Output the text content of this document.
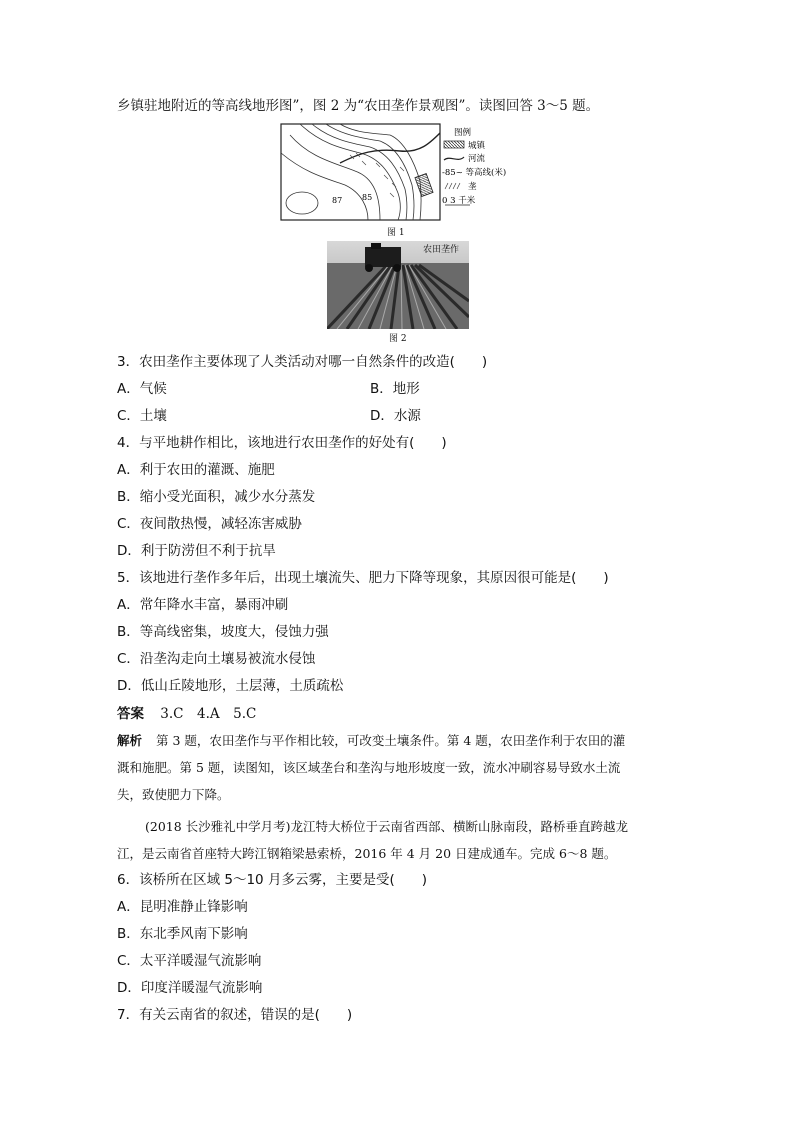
乡镇驻地附近的等高线地形图”，图 2 为“农田垄作景观图”。读图回答 3～5 题。
87 85
图例
城镇
河流
-85~ 等高线(米)
垄
0 3 千米
图 1
农田垄作
图 2
3．农田垄作主要体现了人类活动对哪一自然条件的改造(　　)
A．气候	B．地形
C．土壤	D．水源
4．与平地耕作相比，该地进行农田垄作的好处有(　　)
A．利于农田的灌溉、施肥
B．缩小受光面积，减少水分蒸发
C．夜间散热慢，减轻冻害威胁
D．利于防涝但不利于抗旱
5．该地进行垄作多年后，出现土壤流失、肥力下降等现象，其原因很可能是(　　)
A．常年降水丰富，暴雨冲刷
B．等高线密集，坡度大，侵蚀力强
C．沿垄沟走向土壤易被流水侵蚀
D．低山丘陵地形，土层薄，土质疏松
答案 3.C　4.A　5.C
解析 第 3 题，农田垄作与平作相比较，可改变土壤条件。第 4 题，农田垄作利于农田的灌
溉和施肥。第 5 题，读图知，该区域垄台和垄沟与地形坡度一致，流水冲刷容易导致水土流
失，致使肥力下降。
(2018 长沙雅礼中学月考)龙江特大桥位于云南省西部、横断山脉南段，路桥垂直跨越龙
江，是云南省首座特大跨江钢箱梁悬索桥，2016 年 4 月 20 日建成通车。完成 6～8 题。
6．该桥所在区域 5～10 月多云雾，主要是受(　　)
A．昆明准静止锋影响
B．东北季风南下影响
C．太平洋暖湿气流影响
D．印度洋暖湿气流影响
7．有关云南省的叙述，错误的是(　　)
